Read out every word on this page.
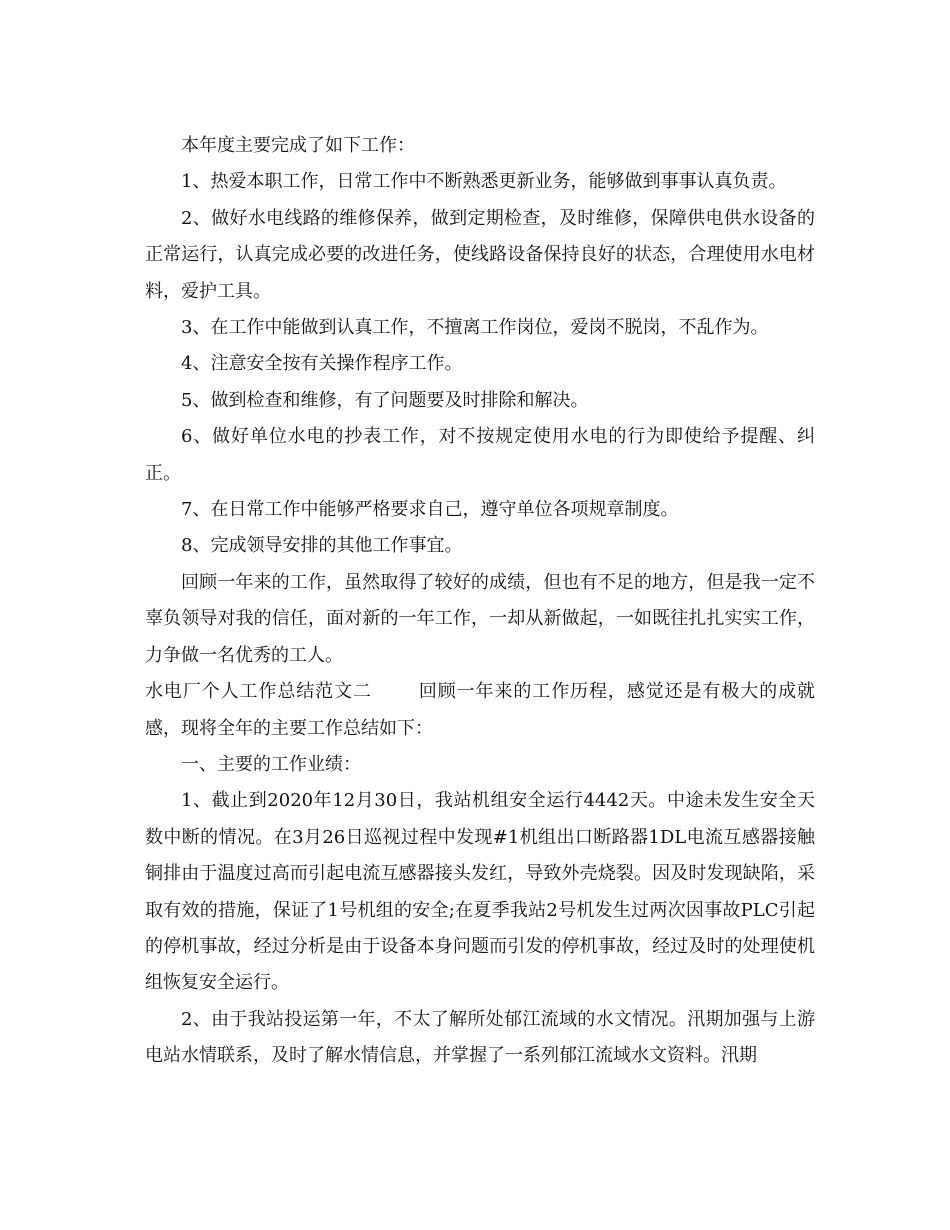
本年度主要完成了如下工作：

1、热爱本职工作，日常工作中不断熟悉更新业务，能够做到事事认真负责。

2、做好水电线路的维修保养，做到定期检查，及时维修，保障供电供水设备的正常运行，认真完成必要的改进任务，使线路设备保持良好的状态，合理使用水电材料，爱护工具。

3、在工作中能做到认真工作，不擅离工作岗位，爱岗不脱岗，不乱作为。

4、注意安全按有关操作程序工作。

5、做到检查和维修，有了问题要及时排除和解决。

6、做好单位水电的抄表工作，对不按规定使用水电的行为即使给予提醒、纠正。

7、在日常工作中能够严格要求自己，遵守单位各项规章制度。

8、完成领导安排的其他工作事宜。

回顾一年来的工作，虽然取得了较好的成绩，但也有不足的地方，但是我一定不辜负领导对我的信任，面对新的一年工作，一却从新做起，一如既往扎扎实实工作，力争做一名优秀的工人。

水电厂个人工作总结范文二	回顾一年来的工作历程，感觉还是有极大的成就感，现将全年的主要工作总结如下：

一、主要的工作业绩：

1、截止到2020年12月30日，我站机组安全运行4442天。中途未发生安全天数中断的情况。在3月26日巡视过程中发现#1机组出口断路器1DL电流互感器接触铜排由于温度过高而引起电流互感器接头发红，导致外壳烧裂。因及时发现缺陷，采取有效的措施，保证了1号机组的安全;在夏季我站2号机发生过两次因事故PLC引起的停机事故，经过分析是由于设备本身问题而引发的停机事故，经过及时的处理使机组恢复安全运行。

2、由于我站投运第一年，不太了解所处郁江流域的水文情况。汛期加强与上游电站水情联系，及时了解水情信息，并掌握了一系列郁江流域水文资料。汛期
